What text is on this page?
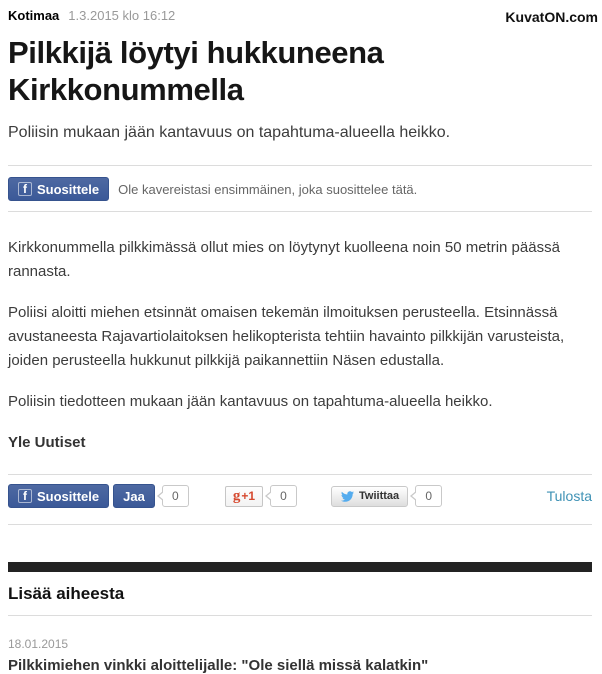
KuvatON.com
Kotimaa 1.3.2015 klo 16:12
Pilkkijä löytyi hukkuneena Kirkkonummella
Poliisin mukaan jään kantavuus on tapahtuma-alueella heikko.
f Suosittele Ole kavereistasi ensimmäinen, joka suosittelee tätä.

Kirkkonummella pilkkimässä ollut mies on löytynyt kuolleena noin 50 metrin päässä rannasta.

Poliisi aloitti miehen etsinnät omaisen tekemän ilmoituksen perusteella. Etsinnässä avustaneesta Rajavartiolaitoksen helikopterista tehtiin havainto pilkkijän varusteista, joiden perusteella hukkunut pilkkijä paikannettiin Näsen edustalla.

Poliisin tiedotteen mukaan jään kantavuus on tapahtuma-alueella heikko.

Yle Uutiset
f Suosittele	Jaa	0	g +1	0	Twiittaa	0	Tulosta
Lisää aiheesta
18.01.2015
Pilkkimiehen vinkki aloittelijalle: "Ole siellä missä kalatkin"
